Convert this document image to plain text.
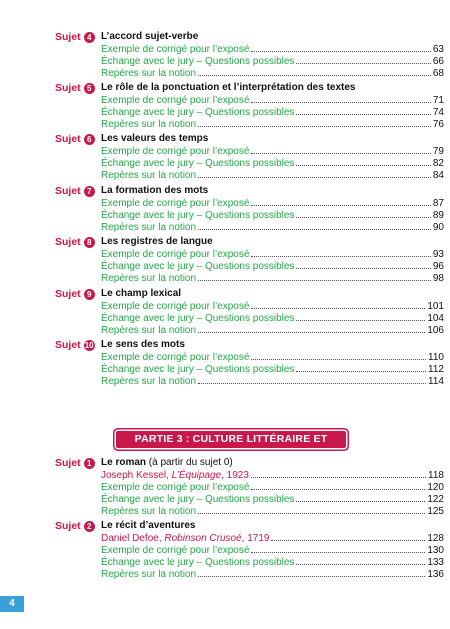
Sujet 4 L’accord sujet-verbe
Exemple de corrigé pour l’exposé	63
Échange avec le jury – Questions possibles	66
Repères sur la notion	68
Sujet 5 Le rôle de la ponctuation et l’interprétation des textes
Exemple de corrigé pour l’exposé	71
Échange avec le jury – Questions possibles	74
Repères sur la notion	76
Sujet 6 Les valeurs des temps
Exemple de corrigé pour l’exposé	79
Échange avec le jury – Questions possibles	82
Repères sur la notion	84
Sujet 7 La formation des mots
Exemple de corrigé pour l’exposé	87
Échange avec le jury – Questions possibles	89
Repères sur la notion	90
Sujet 8 Les registres de langue
Exemple de corrigé pour l’exposé	93
Échange avec le jury – Questions possibles	96
Repères sur la notion	98
Sujet 9 Le champ lexical
Exemple de corrigé pour l’exposé	101
Échange avec le jury – Questions possibles	104
Repères sur la notion	106
Sujet 10 Le sens des mots
Exemple de corrigé pour l’exposé	110
Échange avec le jury – Questions possibles	112
Repères sur la notion	114
PARTIE 3 : CULTURE LITTÉRAIRE ET ARTISTIQUE
Sujet 1 Le roman (à partir du sujet 0)
Joseph Kessel, L’Équipage, 1923	118
Exemple de corrigé pour l’exposé	120
Échange avec le jury – Questions possibles	122
Repères sur la notion	125
Sujet 2 Le récit d’aventures
Daniel Defoe, Robinson Crusoé, 1719	128
Exemple de corrigé pour l’exposé	130
Échange avec le jury – Questions possibles	133
Repères sur la notion	136
4
